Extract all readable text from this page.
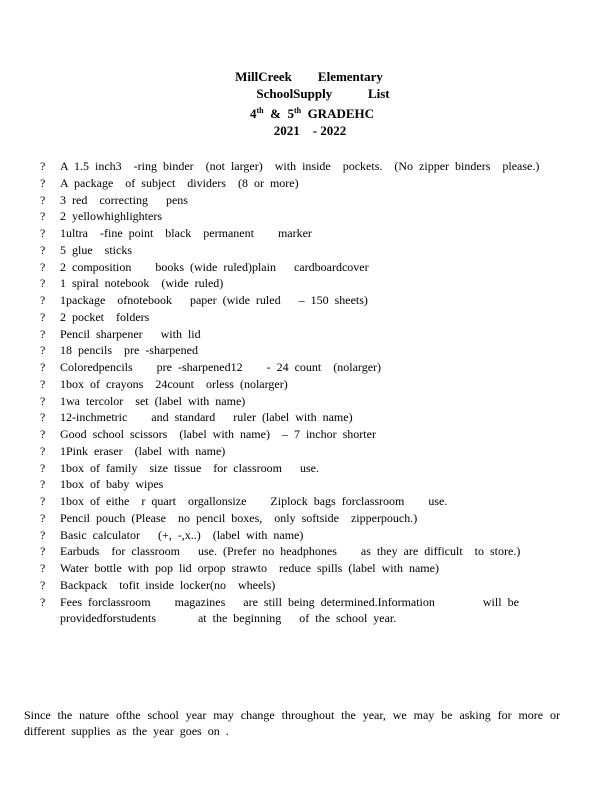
MillCreek        Elementary
SchoolSupply           List
4th & 5th GRADEHC
2021    - 2022
?	A 1.5 inch3  -ring binder  (not larger)  with inside  pockets.  (No zipper binders  please.)
?	A package  of subject  dividers  (8 or more)
?	3 red  correcting   pens
?	2 yellowhighlighters
?	1ultra  -fine point  black  permanent    marker
?	5 glue  sticks
?	2 composition    books (wide ruled)plain   cardboardcover
?	1 spiral notebook  (wide ruled)
?	1package  ofnotebook   paper (wide ruled   – 150 sheets)
?	2 pocket  folders
?	Pencil sharpener   with lid
?	18 pencils  pre -sharpened
?	Coloredpencils    pre -sharpened12    - 24 count  (nolarger)
?	1box of crayons  24count  orless (nolarger)
?	1wa tercolor  set (label with name)
?	12-inchmetric    and standard   ruler (label with name)
?	Good school scissors  (label with name)  – 7 inchor shorter
?	1Pink eraser  (label with name)
?	1box of family  size tissue  for classroom   use.
?	1box of baby wipes
?	1box of eithe  r quart  orgallonsize    Ziplock bags forclassroom    use.
?	Pencil pouch (Please  no pencil boxes,  only softside  zipperpouch.)
?	Basic calculator   (+, -,x..)  (label with name)
?	Earbuds  for classroom   use. (Prefer no headphones    as they are difficult  to store.)
?	Water bottle with pop lid orpop strawto  reduce spills (label with name)
?	Backpack  tofit inside locker(no  wheels)
?	Fees forclassroom    magazines   are still being determined.Information        will be providedforstudents       at the beginning   of the school year.
Since the nature ofthe school year may change throughout the year, we may be asking for more or different supplies as the year goes on .
